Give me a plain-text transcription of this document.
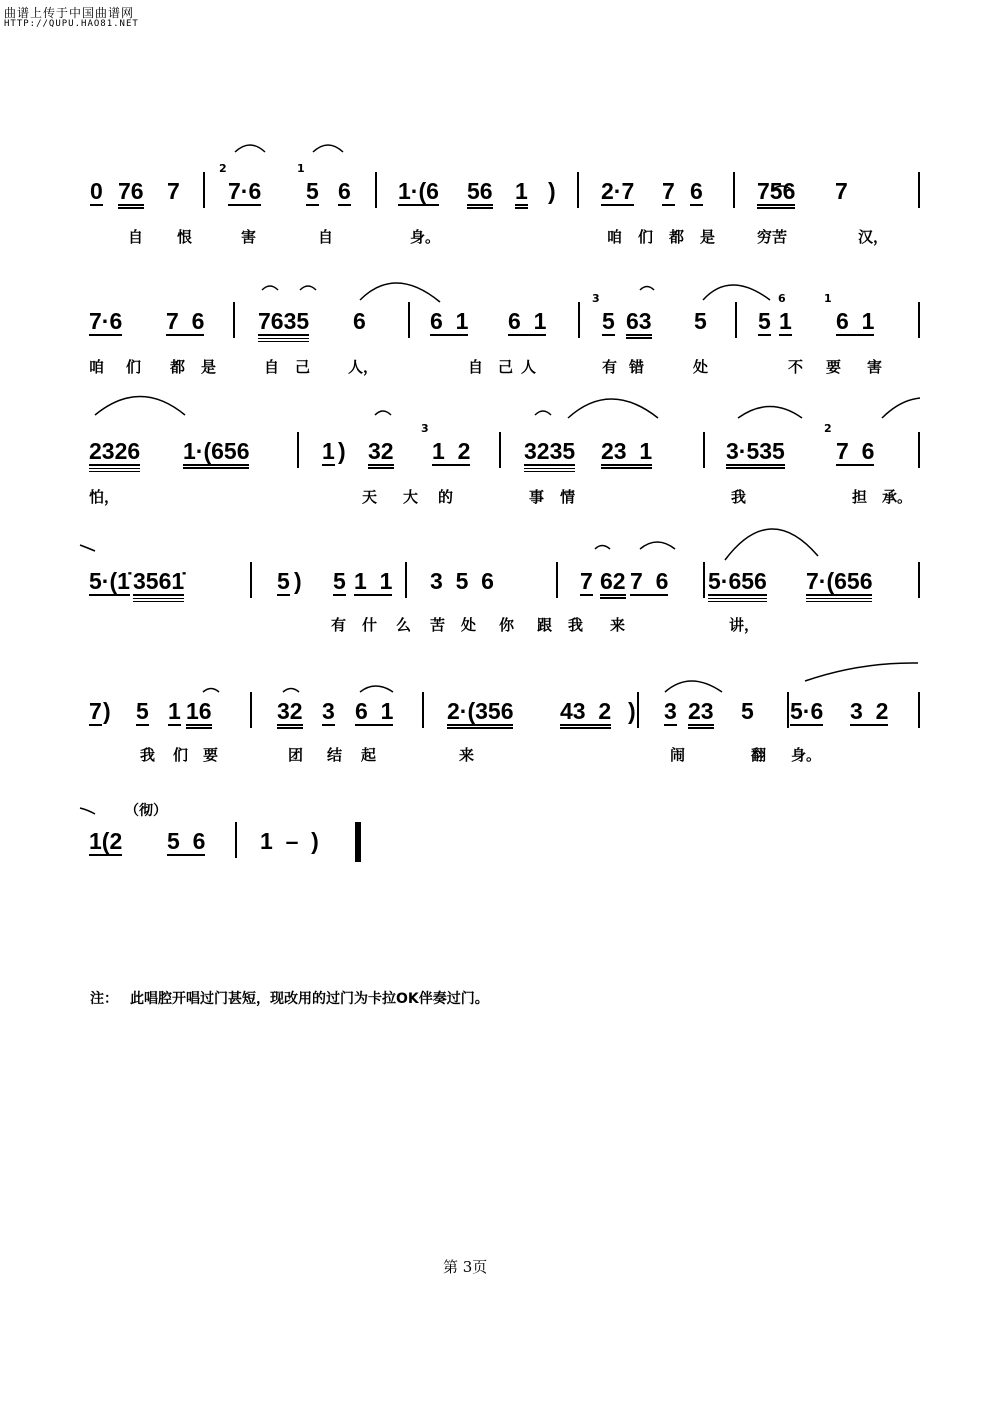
曲谱上传于中国曲谱网
HTTP://QUPU.HAO81.NET
0 76 7 7·6 5 6 1·(6 56 1 ) 2·7 7 6 756 7
自 恨	害	自	身。	咱 们 都 是	穷苦	汉，
7·6 7  6 7635 6	6  1 6  1 5 63 5 5 1 6  1
咱 们 都 是	自 己	人，	自 己 人	有 错	处	不 要 害
2326 1·(656	1 ) 32 1  2 3235 23  1	3·535 7  6
怕，	天 大 的	事 情	我	担 承。
5·(1̇ 3561̇	5 ) 5 1  1 3  5  6	7 62 7  6 5·656 7·(656
有 什 么 苦 处 你 跟 我 来	讲，
7 ) 5 1 16	32 3 6  1 2·(356 43  2 ) 3 23 5 5·6 3  2
我 们 要	团 结 起	来	闹	翻 身。
1(2 5  6 1  –  )
2	1
3	6	1
3	2
（彻）
注： 此唱腔开唱过门甚短，现改用的过门为卡拉OK伴奏过门。
第 3页
